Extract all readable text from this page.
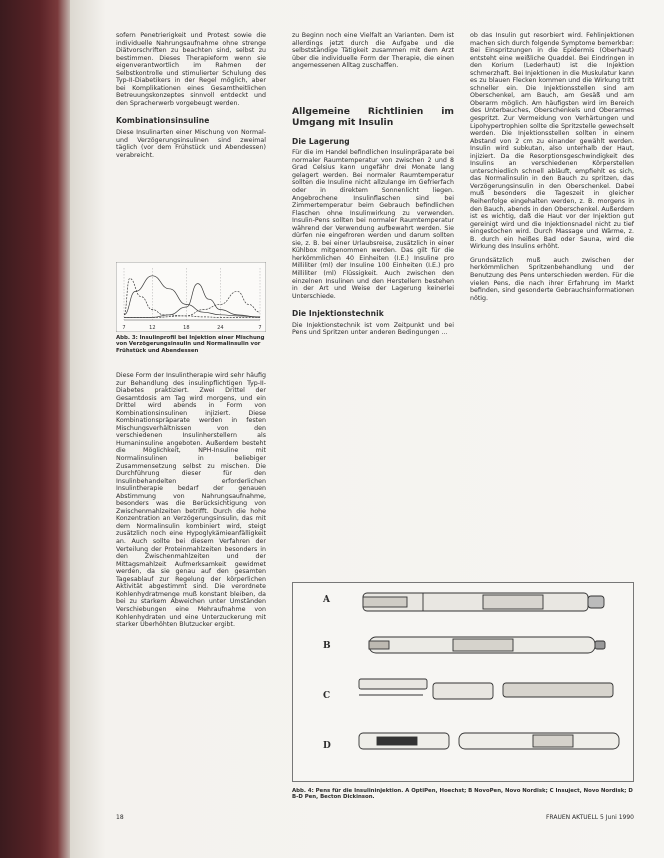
sofern Penetrierigkeit und Protest sowie die individuelle Nahrungsaufnahme ohne strenge Diätvorschriften zu beachten sind, selbst zu bestimmen. Dieses Therapieform wenn sie eigenverantwortlich im Rahmen der Selbstkontrolle und stimulierter Schulung des Typ-II-Diabetikers in der Regel möglich, aber bei Komplikationen eines Gesamtheitlichen Betreuungskonzeptes sinnvoll entdeckt und den Spracherwerb vorgebeugt werden.

Kombinationsinsuline

Diese Insulinarten einer Mischung von Normal- und Verzögerungsinsulinen sind zweimal täglich (vor dem Frühstück und Abendessen) verabreicht.

7	12	18	24	7
Abb. 3: Insulinprofil bei Injektion einer Mischung von Verzögerungsinsulin und Normalinsulin vor Frühstück und Abendessen

Diese Form der Insulintherapie wird sehr häufig zur Behandlung des insulinpflichtigen Typ-II-Diabetes praktiziert. Zwei Drittel der Gesamtdosis am Tag wird morgens, und ein Drittel wird abends in Form von Kombinationsinsulinen injiziert. Diese Kombinationspräparate werden in festen Mischungsverhältnissen von den verschiedenen Insulinherstellern als Humaninsuline angeboten. Außerdem besteht die Möglichkeit, NPH-Insuline mit Normalinsulinen in beliebiger Zusammensetzung selbst zu mischen. Die Durchführung dieser für den Insulinbehandelten erforderlichen Insulintherapie bedarf der genauen Abstimmung von Nahrungsaufnahme, besonders was die Berücksichtigung von Zwischenmahlzeiten betrifft. Durch die hohe Konzentration an Verzögerungsinsulin, das mit dem Normalinsulin kombiniert wird, steigt zusätzlich noch eine Hypoglykämieanfälligkeit an. Auch sollte bei diesem Verfahren der Verteilung der Proteinmahlzeiten besonders in den Zwischenmahlzeiten und der Mittagsmahlzeit Aufmerksamkeit gewidmet werden, da sie genau auf den gesamten Tagesablauf zur Regelung der körperlichen Aktivität abgestimmt sind. Die verordnete Kohlenhydratmenge muß konstant bleiben, da bei zu starkem Abweichen unter Umständen Verschiebungen eine Mehraufnahme von Kohlenhydraten und eine Unterzuckerung mit starker Überhöhten Blutzucker ergibt.

zu Beginn noch eine Vielfalt an Varianten. Dem ist allerdings jetzt durch die Aufgabe und die selbstständige Tätigkeit zusammen mit dem Arzt über die individuelle Form der Therapie, die einen angemessenen Alltag zuschaffen.

Allgemeine Richtlinien im Umgang mit Insulin
Die Lagerung

Für die im Handel befindlichen Insulinpräparate bei normaler Raumtemperatur von zwischen 2 und 8 Grad Celsius kann ungefähr drei Monate lang gelagert werden. Bei normaler Raumtemperatur sollten die Insuline nicht allzulange im Gefrierfach oder in direktem Sonnenlicht liegen. Angebrochene Insulinflaschen sind bei Zimmertemperatur beim Gebrauch befindlichen Flaschen ohne Insulinwirkung zu verwenden. Insulin-Pens sollten bei normaler Raumtemperatur während der Verwendung aufbewahrt werden. Sie dürfen nie eingefroren werden und darum sollten sie, z. B. bei einer Urlaubsreise, zusätzlich in einer Kühlbox mitgenommen werden. Das gilt für die herkömmlichen 40 Einheiten (I.E.) Insuline pro Milliliter (ml) der Insuline 100 Einheiten (I.E.) pro Milliliter (ml) Flüssigkeit. Auch zwischen den einzelnen Insulinen und den Herstellern bestehen in der Art und Weise der Lagerung keinerlei Unterschiede.

Die Injektionstechnik

Die Injektionstechnik ist vom Zeitpunkt und bei Pens und Spritzen unter anderen Bedingungen ...

ob das Insulin gut resorbiert wird. Fehlinjektionen machen sich durch folgende Symptome bemerkbar: Bei Einspritzungen in die Epidermis (Oberhaut) entsteht eine weißliche Quaddel. Bei Eindringen in den Korium (Lederhaut) ist die Injektion schmerzhaft. Bei Injektionen in die Muskulatur kann es zu blauen Flecken kommen und die Wirkung tritt schneller ein. Die Injektionsstellen sind am Oberschenkel, am Bauch, am Gesäß und am Oberarm möglich. Am häufigsten wird im Bereich des Unterbauches, Oberschenkels und Oberarmes gespritzt. Zur Vermeidung von Verhärtungen und Lipohypertrophien sollte die Spritzstelle gewechselt werden. Die Injektionsstellen sollten in einem Abstand von 2 cm zu einander gewählt werden. Insulin wird subkutan, also unterhalb der Haut, injiziert. Da die Resorptionsgeschwindigkeit des Insulins an verschiedenen Körperstellen unterschiedlich schnell abläuft, empfiehlt es sich, das Normalinsulin in den Bauch zu spritzen, das Verzögerungsinsulin in den Oberschenkel. Dabei muß besonders die Tageszeit in gleicher Reihenfolge eingehalten werden, z. B. morgens in den Bauch, abends in den Oberschenkel. Außerdem ist es wichtig, daß die Haut vor der Injektion gut gereinigt wird und die Injektionsnadel nicht zu tief eingestochen wird. Durch Massage und Wärme, z. B. durch ein heißes Bad oder Sauna, wird die Wirkung des Insulins erhöht.

Grundsätzlich muß auch zwischen der herkömmlichen Spritzenbehandlung und der Benutzung des Pens unterschieden werden. Für die vielen Pens, die nach ihrer Erfahrung im Markt befinden, sind gesonderte Gebrauchsinformationen nötig.

A
B
C
D
Abb. 4: Pens für die Insulininjektion. A OptiPen, Hoechst; B NovoPen, Novo Nordisk; C Insuject, Novo Nordisk; D B-D Pen, Becton Dickinson.
18	FRAUEN AKTUELL 5 Juni 1990
